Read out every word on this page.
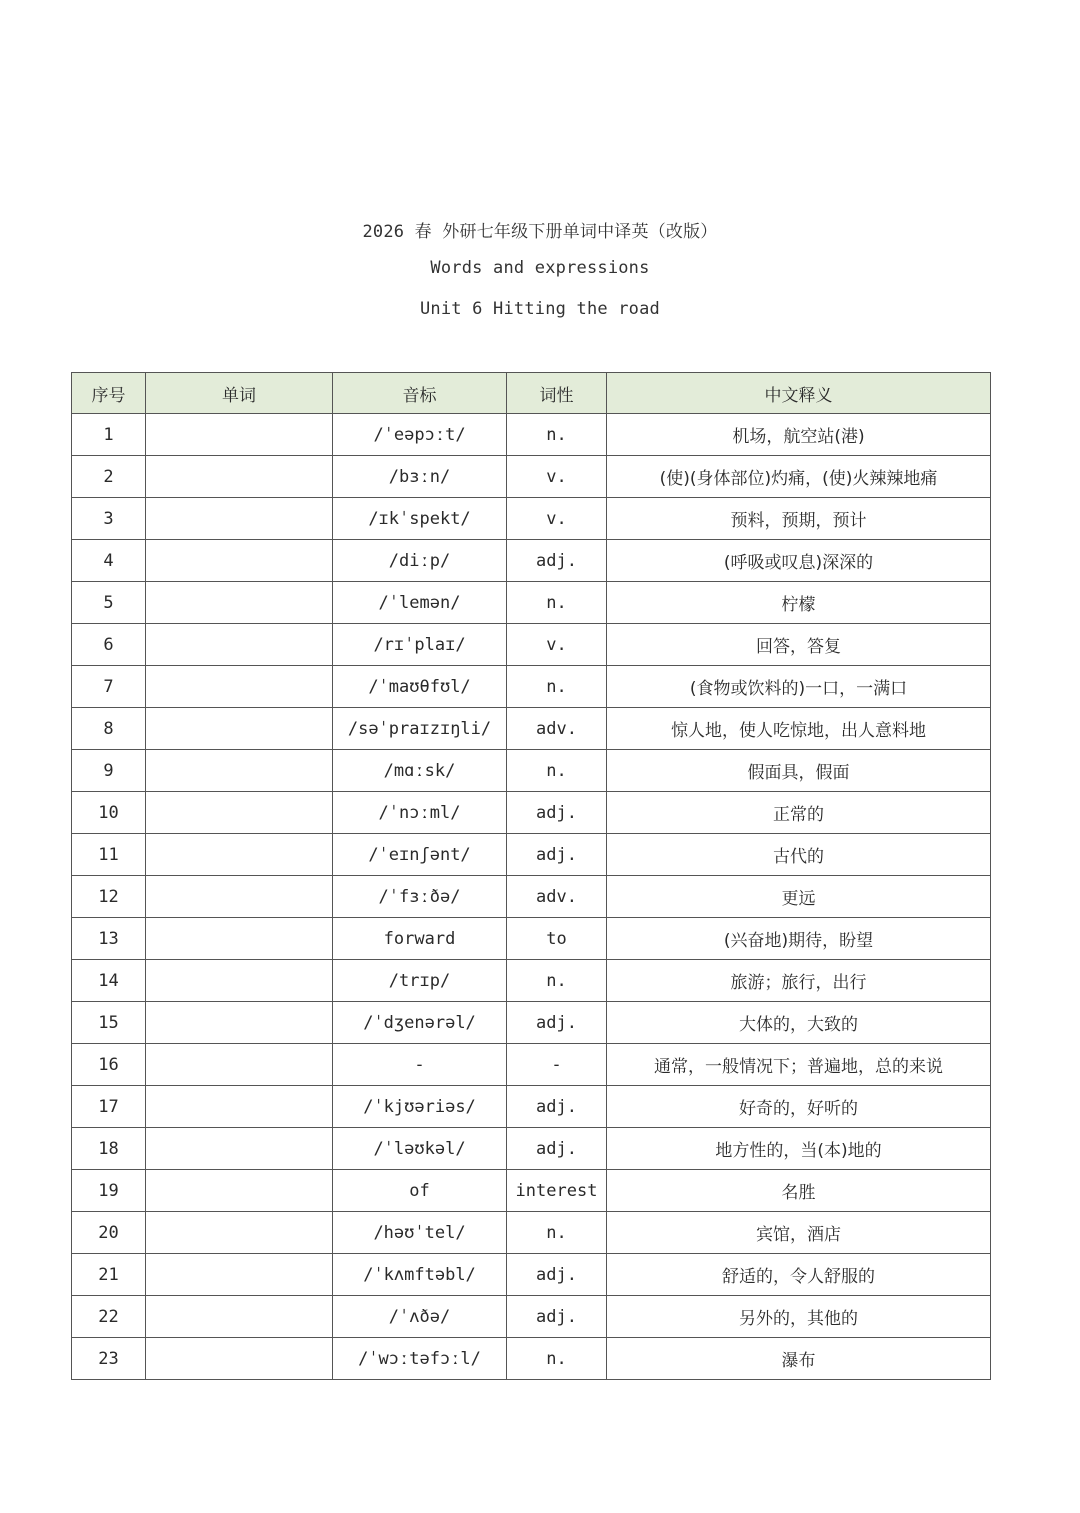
2026 春 外研七年级下册单词中译英（改版）
Words and expressions
Unit 6 Hitting the road
序号	单词	音标	词性	中文释义
1		/ˈeəpɔːt/	n.	机场，航空站(港)
2		/bɜːn/	v.	(使)(身体部位)灼痛，(使)火辣辣地痛
3		/ɪkˈspekt/	v.	预料，预期，预计
4		/diːp/	adj.	(呼吸或叹息)深深的
5		/ˈlemən/	n.	柠檬
6		/rɪˈplaɪ/	v.	回答，答复
7		/ˈmaʊθfʊl/	n.	(食物或饮料的)一口，一满口
8		/səˈpraɪzɪŋli/	adv.	惊人地，使人吃惊地，出人意料地
9		/mɑːsk/	n.	假面具，假面
10		/ˈnɔːml/	adj.	正常的
11		/ˈeɪnʃənt/	adj.	古代的
12		/ˈfɜːðə/	adv.	更远
13		forward	to	(兴奋地)期待，盼望
14		/trɪp/	n.	旅游；旅行，出行
15		/ˈdʒenərəl/	adj.	大体的，大致的
16		-	-	通常，一般情况下；普遍地，总的来说
17		/ˈkjʊəriəs/	adj.	好奇的，好听的
18		/ˈləʊkəl/	adj.	地方性的，当(本)地的
19		of	interest	名胜
20		/həʊˈtel/	n.	宾馆，酒店
21		/ˈkʌmftəbl/	adj.	舒适的，令人舒服的
22		/ˈʌðə/	adj.	另外的，其他的
23		/ˈwɔːtəfɔːl/	n.	瀑布
